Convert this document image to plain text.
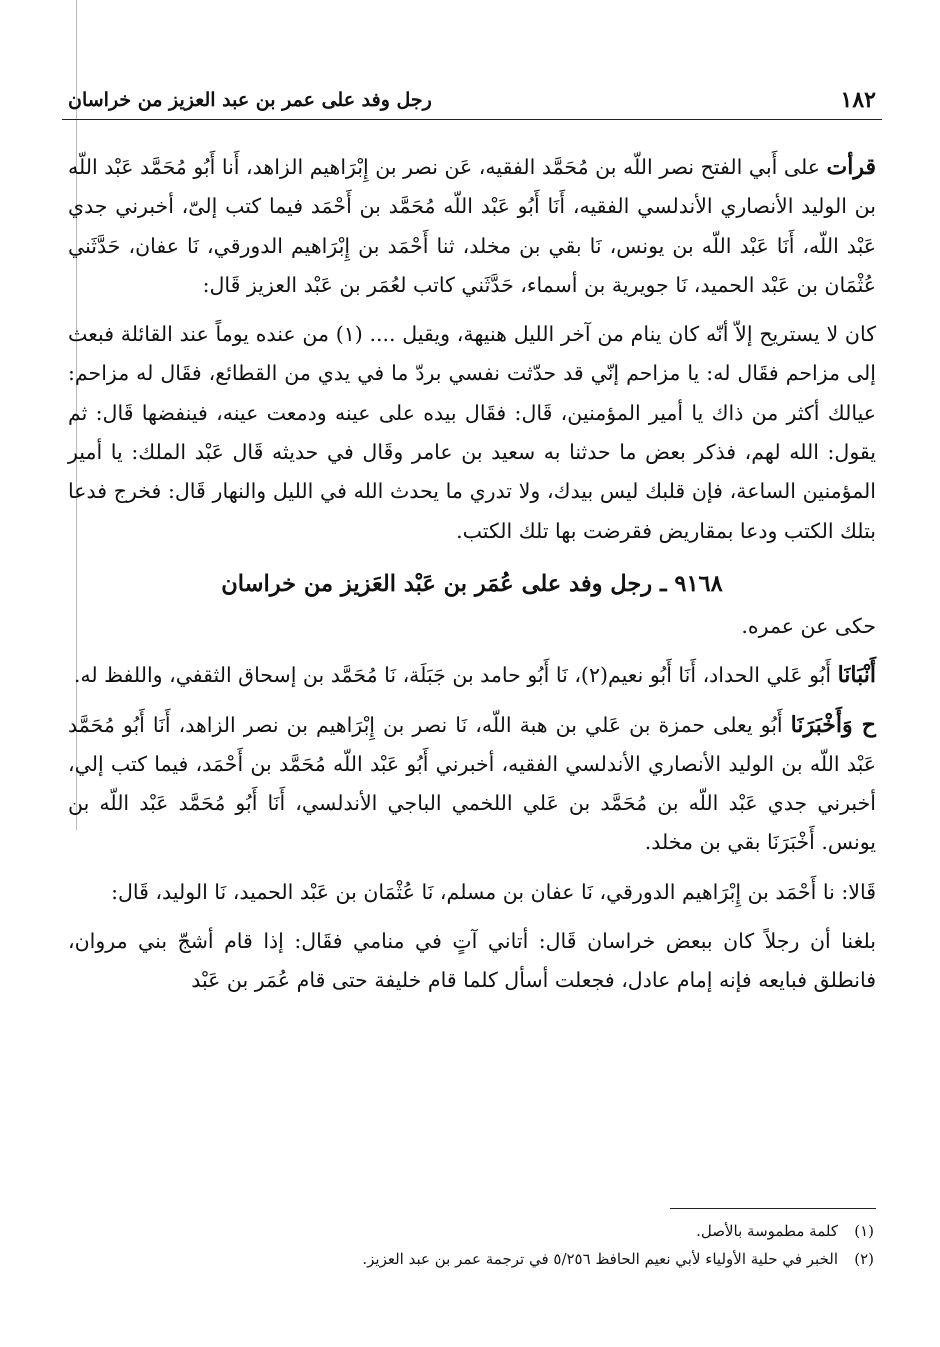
١٨٢
رجل وفد على عمر بن عبد العزيز من خراسان

قرأت على أَبي الفتح نصر اللّه بن مُحَمَّد الفقيه، عَن نصر بن إِبْرَاهيم الزاهد، أَنا أَبُو مُحَمَّد عَبْد اللّه بن الوليد الأنصاري الأندلسي الفقيه، أَنَا أَبُو عَبْد اللّه مُحَمَّد بن أَحْمَد فيما كتب إلىّ، أخبرني جدي عَبْد اللّه، أَنَا عَبْد اللّه بن يونس، نَا بقي بن مخلد، ثنا أَحْمَد بن إِبْرَاهيم الدورقي، نَا عفان، حَدَّثَني عُثْمَان بن عَبْد الحميد، نَا جويرية بن أسماء، حَدَّثَني كاتب لعُمَر بن عَبْد العزيز قَال:

كان لا يستريح إلاّ أنّه كان ينام من آخر الليل هنيهة، ويقيل .... (١) من عنده يوماً عند القائلة فبعث إلى مزاحم فقَال له: يا مزاحم إنّي قد حدّثت نفسي بردّ ما في يدي من القطائع، فقَال له مزاحم: عيالك أكثر من ذاك يا أمير المؤمنين، قَال: فقَال بيده على عينه ودمعت عينه، فينفضها قَال: ثم يقول: الله لهم، فذكر بعض ما حدثنا به سعيد بن عامر وقَال في حديثه قَال عَبْد الملك: يا أمير المؤمنين الساعة، فإن قلبك ليس بيدك، ولا تدري ما يحدث الله في الليل والنهار قَال: فخرج فدعا بتلك الكتب ودعا بمقاريض فقرضت بها تلك الكتب.

٩١٦٨ ـ رجل وفد على عُمَر بن عَبْد العَزيز من خراسان

حكى عن عمره.

أَنْبَانَا أَبُو عَلي الحداد، أَنَا أَبُو نعيم(٢)، نَا أَبُو حامد بن جَبَلَة، نَا مُحَمَّد بن إسحاق الثقفي، واللفظ له.

ح وَأَخْبَرَنَا أَبُو يعلى حمزة بن عَلي بن هبة اللّه، نَا نصر بن إِبْرَاهيم بن نصر الزاهد، أَنَا أَبُو مُحَمَّد عَبْد اللّه بن الوليد الأنصاري الأندلسي الفقيه، أخبرني أَبُو عَبْد اللّه مُحَمَّد بن أَحْمَد، فيما كتب إلي، أخبرني جدي عَبْد اللّه بن مُحَمَّد بن عَلي اللخمي الباجي الأندلسي، أَنَا أَبُو مُحَمَّد عَبْد اللّه بن يونس. أَخْبَرَنَا بقي بن مخلد.

قَالا: نا أَحْمَد بن إِبْرَاهيم الدورقي، نَا عفان بن مسلم، نَا عُثْمَان بن عَبْد الحميد، نَا الوليد، قَال:

بلغنا أن رجلاً كان ببعض خراسان قَال: أتاني آتٍ في منامي فقَال: إذا قام أشجّ بني مروان، فانطلق فبايعه فإنه إمام عادل، فجعلت أسأل كلما قام خليفة حتى قام عُمَر بن عَبْد

(١)كلمة مطموسة بالأصل.

(٢)الخبر في حلية الأولياء لأبي نعيم الحافظ ٥/٢٥٦ في ترجمة عمر بن عبد العزيز.
